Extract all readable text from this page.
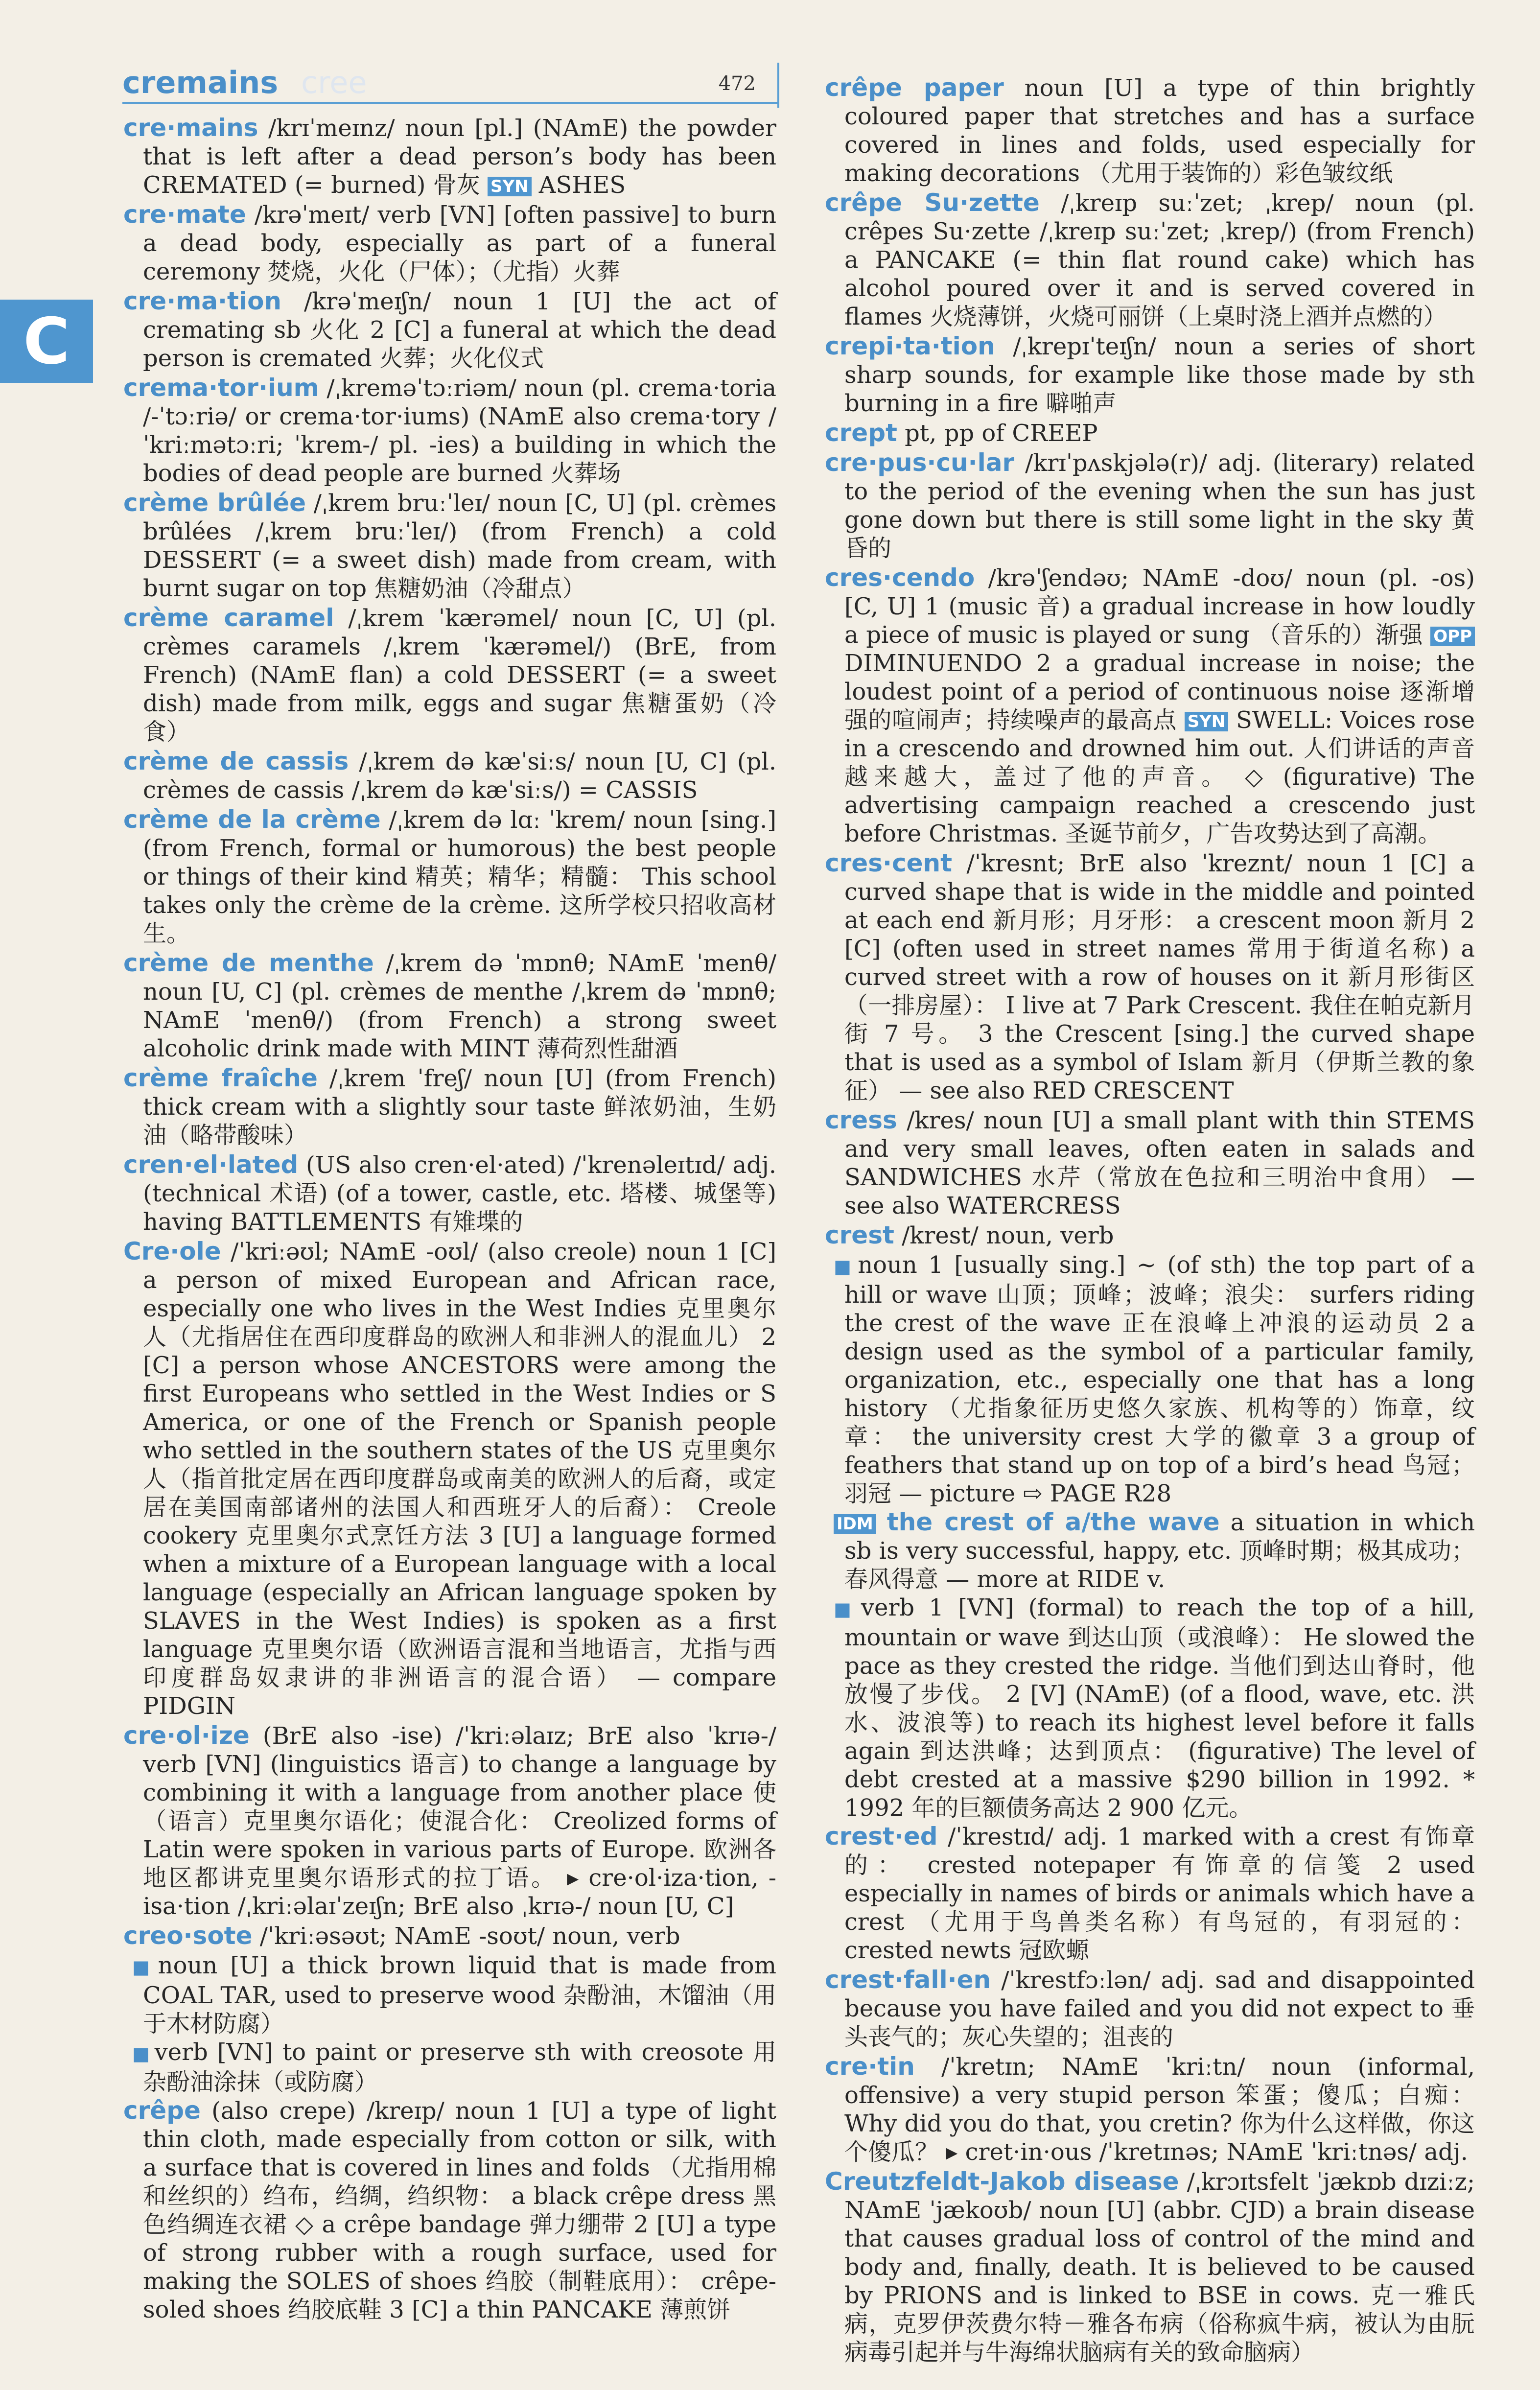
cremains cree	472
C

cre·mains /krɪˈmeɪnz/ noun [pl.] (NAmE) the powder that is left after a dead person’s body has been CREMATED (= burned) 骨灰 SYN ASHES

cre·mate /krəˈmeɪt/ verb [VN] [often passive] to burn a dead body, especially as part of a funeral ceremony 焚烧，火化（尸体）；（尤指）火葬

cre·ma·tion /krəˈmeɪʃn/ noun 1 [U] the act of cremating sb 火化 2 [C] a funeral at which the dead person is cremated 火葬；火化仪式

crema·tor·ium /ˌkreməˈtɔːriəm/ noun (pl. crema·toria /-ˈtɔːriə/ or crema·tor·iums) (NAmE also crema·tory /ˈkriːmətɔːri; ˈkrem-/ pl. -ies) a building in which the bodies of dead people are burned 火葬场

crème brûlée /ˌkrem bruːˈleɪ/ noun [C, U] (pl. crèmes brûlées /ˌkrem bruːˈleɪ/) (from French) a cold DESSERT (= a sweet dish) made from cream, with burnt sugar on top 焦糖奶油（冷甜点）

crème caramel /ˌkrem ˈkærəmel/ noun [C, U] (pl. crèmes caramels /ˌkrem ˈkærəmel/) (BrE, from French) (NAmE flan) a cold DESSERT (= a sweet dish) made from milk, eggs and sugar 焦糖蛋奶（冷食）

crème de cassis /ˌkrem də kæˈsiːs/ noun [U, C] (pl. crèmes de cassis /ˌkrem də kæˈsiːs/) = CASSIS

crème de la crème /ˌkrem də lɑː ˈkrem/ noun [sing.] (from French, formal or humorous) the best people or things of their kind 精英；精华；精髓： This school takes only the crème de la crème. 这所学校只招收高材生。

crème de menthe /ˌkrem də ˈmɒnθ; NAmE ˈmenθ/ noun [U, C] (pl. crèmes de menthe /ˌkrem də ˈmɒnθ; NAmE ˈmenθ/) (from French) a strong sweet alcoholic drink made with MINT 薄荷烈性甜酒

crème fraîche /ˌkrem ˈfreʃ/ noun [U] (from French) thick cream with a slightly sour taste 鲜浓奶油，生奶油（略带酸味）

cren·el·lated (US also cren·el·ated) /ˈkrenəleɪtɪd/ adj. (technical 术语) (of a tower, castle, etc. 塔楼、城堡等) having BATTLEMENTS 有雉堞的

Cre·ole /ˈkriːəʊl; NAmE -oʊl/ (also creole) noun 1 [C] a person of mixed European and African race, especially one who lives in the West Indies 克里奥尔人（尤指居住在西印度群岛的欧洲人和非洲人的混血儿） 2 [C] a person whose ANCESTORS were among the first Europeans who settled in the West Indies or S America, or one of the French or Spanish people who settled in the southern states of the US 克里奥尔人（指首批定居在西印度群岛或南美的欧洲人的后裔，或定居在美国南部诸州的法国人和西班牙人的后裔）： Creole cookery 克里奥尔式烹饪方法 3 [U] a language formed when a mixture of a European language with a local language (especially an African language spoken by SLAVES in the West Indies) is spoken as a first language 克里奥尔语（欧洲语言混和当地语言，尤指与西印度群岛奴隶讲的非洲语言的混合语） — compare PIDGIN

cre·ol·ize (BrE also -ise) /ˈkriːəlaɪz; BrE also ˈkrɪə-/ verb [VN] (linguistics 语言) to change a language by combining it with a language from another place 使（语言）克里奥尔语化；使混合化： Creolized forms of Latin were spoken in various parts of Europe. 欧洲各地区都讲克里奥尔语形式的拉丁语。 ▸ cre·ol·iza·tion, -isa·tion /ˌkriːəlaɪˈzeɪʃn; BrE also ˌkrɪə-/ noun [U, C]

creo·sote /ˈkriːəsəʊt; NAmE -soʊt/ noun, verb

■ noun [U] a thick brown liquid that is made from COAL TAR, used to preserve wood 杂酚油，木馏油（用于木材防腐）

■ verb [VN] to paint or preserve sth with creosote 用杂酚油涂抹（或防腐）

crêpe (also crepe) /kreɪp/ noun 1 [U] a type of light thin cloth, made especially from cotton or silk, with a surface that is covered in lines and folds （尤指用棉和丝织的）绉布，绉绸，绉织物： a black crêpe dress 黑色绉绸连衣裙 ◇ a crêpe bandage 弹力绷带 2 [U] a type of strong rubber with a rough surface, used for making the SOLES of shoes 绉胶（制鞋底用）： crêpe-soled shoes 绉胶底鞋 3 [C] a thin PANCAKE 薄煎饼

crêpe paper noun [U] a type of thin brightly coloured paper that stretches and has a surface covered in lines and folds, used especially for making decorations （尤用于装饰的）彩色皱纹纸

crêpe Su·zette /ˌkreɪp suːˈzet; ˌkrep/ noun (pl. crêpes Su·zette /ˌkreɪp suːˈzet; ˌkrep/) (from French) a PANCAKE (= thin flat round cake) which has alcohol poured over it and is served covered in flames 火烧薄饼，火烧可丽饼（上桌时浇上酒并点燃的）

crepi·ta·tion /ˌkrepɪˈteɪʃn/ noun a series of short sharp sounds, for example like those made by sth burning in a fire 噼啪声

crept pt, pp of CREEP

cre·pus·cu·lar /krɪˈpʌskjələ(r)/ adj. (literary) related to the period of the evening when the sun has just gone down but there is still some light in the sky 黄昏的

cres·cendo /krəˈʃendəʊ; NAmE -doʊ/ noun (pl. -os) [C, U] 1 (music 音) a gradual increase in how loudly a piece of music is played or sung （音乐的）渐强 OPP DIMINUENDO 2 a gradual increase in noise; the loudest point of a period of continuous noise 逐渐增强的喧闹声；持续噪声的最高点 SYN SWELL: Voices rose in a crescendo and drowned him out. 人们讲话的声音越来越大，盖过了他的声音。 ◇ (figurative) The advertising campaign reached a crescendo just before Christmas. 圣诞节前夕，广告攻势达到了高潮。

cres·cent /ˈkresnt; BrE also ˈkreznt/ noun 1 [C] a curved shape that is wide in the middle and pointed at each end 新月形；月牙形： a crescent moon 新月 2 [C] (often used in street names 常用于街道名称) a curved street with a row of houses on it 新月形街区（一排房屋）： I live at 7 Park Crescent. 我住在帕克新月街 7 号。 3 the Crescent [sing.] the curved shape that is used as a symbol of Islam 新月（伊斯兰教的象征） — see also RED CRESCENT

cress /kres/ noun [U] a small plant with thin STEMS and very small leaves, often eaten in salads and SANDWICHES 水芹（常放在色拉和三明治中食用） — see also WATERCRESS

crest /krest/ noun, verb

■ noun 1 [usually sing.] ~ (of sth) the top part of a hill or wave 山顶；顶峰；波峰；浪尖： surfers riding the crest of the wave 正在浪峰上冲浪的运动员 2 a design used as the symbol of a particular family, organization, etc., especially one that has a long history （尤指象征历史悠久家族、机构等的）饰章，纹章： the university crest 大学的徽章 3 a group of feathers that stand up on top of a bird’s head 鸟冠；羽冠 — picture ⇨ PAGE R28

IDM the crest of a/the wave a situation in which sb is very successful, happy, etc. 顶峰时期；极其成功；春风得意 — more at RIDE v.

■ verb 1 [VN] (formal) to reach the top of a hill, mountain or wave 到达山顶（或浪峰）： He slowed the pace as they crested the ridge. 当他们到达山脊时，他放慢了步伐。 2 [V] (NAmE) (of a flood, wave, etc. 洪水、波浪等) to reach its highest level before it falls again 到达洪峰；达到顶点： (figurative) The level of debt crested at a massive $290 billion in 1992. * 1992 年的巨额债务高达 2 900 亿元。

crest·ed /ˈkrestɪd/ adj. 1 marked with a crest 有饰章的： crested notepaper 有饰章的信笺 2 used especially in names of birds or animals which have a crest （尤用于鸟兽类名称）有鸟冠的，有羽冠的： crested newts 冠欧螈

crest·fall·en /ˈkrestfɔːlən/ adj. sad and disappointed because you have failed and you did not expect to 垂头丧气的；灰心失望的；沮丧的

cre·tin /ˈkretɪn; NAmE ˈkriːtn/ noun (informal, offensive) a very stupid person 笨蛋；傻瓜；白痴： Why did you do that, you cretin? 你为什么这样做，你这个傻瓜？ ▸ cret·in·ous /ˈkretɪnəs; NAmE ˈkriːtnəs/ adj.

Creutzfeldt-Jakob disease /ˌkrɔɪtsfelt ˈjækɒb dɪziːz; NAmE ˈjækoʊb/ noun [U] (abbr. CJD) a brain disease that causes gradual loss of control of the mind and body and, finally, death. It is believed to be caused by PRIONS and is linked to BSE in cows. 克一雅氏病，克罗伊茨费尔特－雅各布病（俗称疯牛病，被认为由朊病毒引起并与牛海绵状脑病有关的致命脑病）
